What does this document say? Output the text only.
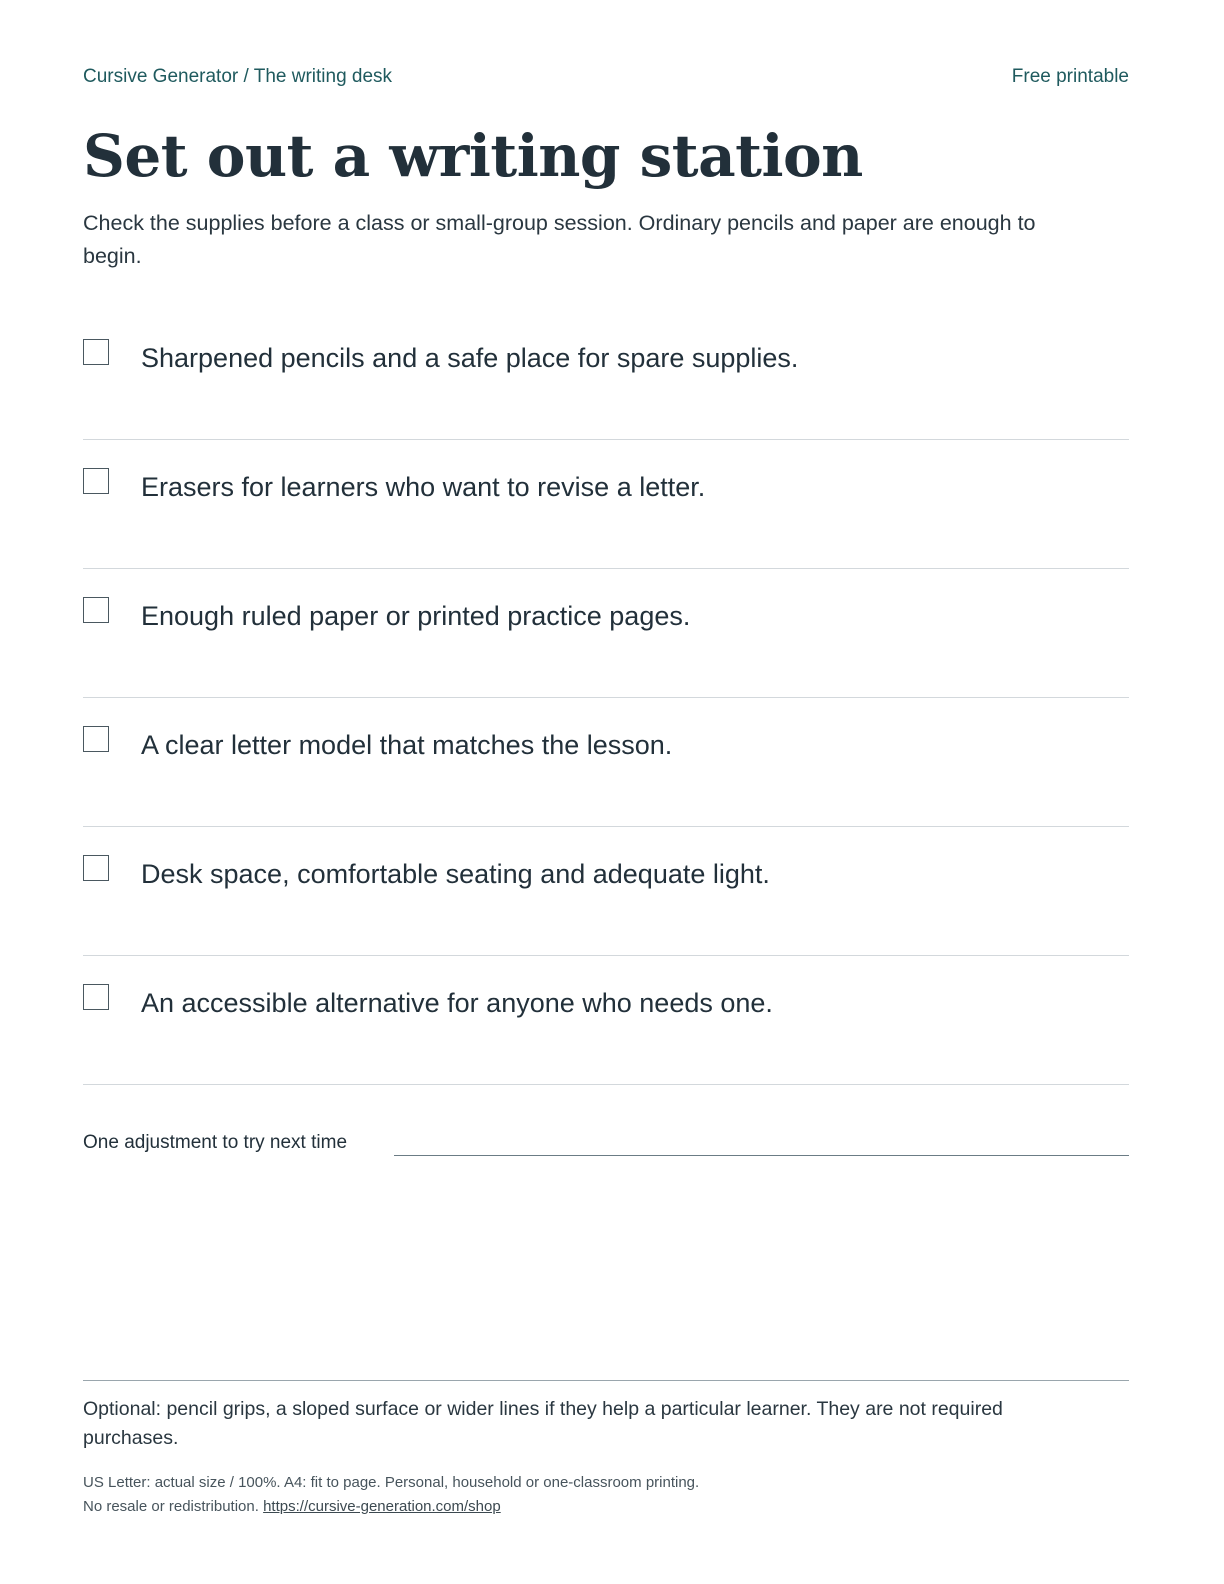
Cursive Generator / The writing desk	Free printable
Set out a writing station

Check the supplies before a class or small-group session. Ordinary pencils and paper are enough to begin.

Sharpened pencils and a safe place for spare supplies.
Erasers for learners who want to revise a letter.
Enough ruled paper or printed practice pages.
A clear letter model that matches the lesson.
Desk space, comfortable seating and adequate light.
An accessible alternative for anyone who needs one.
One adjustment to try next time

Optional: pencil grips, a sloped surface or wider lines if they help a particular learner. They are not required purchases.

US Letter: actual size / 100%. A4: fit to page. Personal, household or one-classroom printing.
No resale or redistribution. https://cursive-generation.com/shop
